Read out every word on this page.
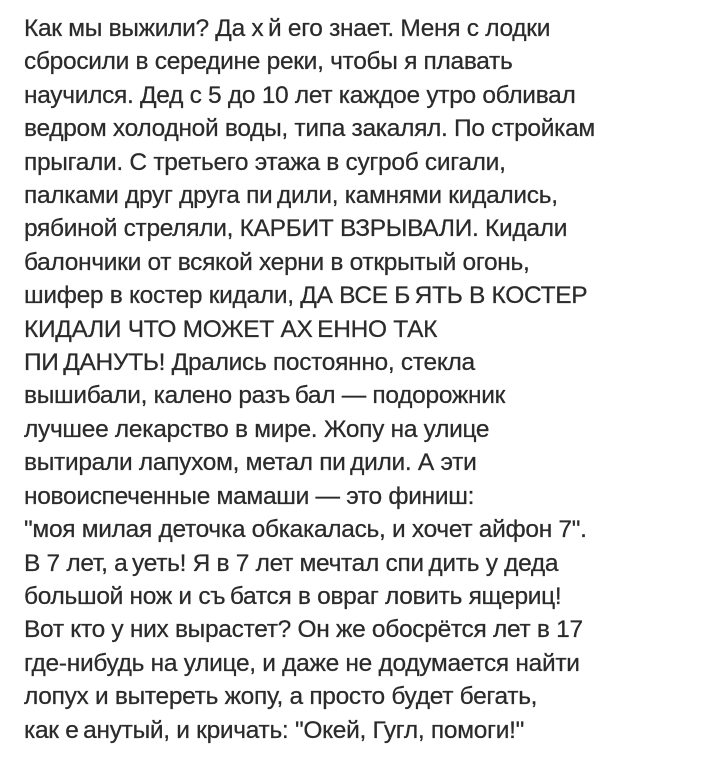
Как мы выжили? Да х й его знает. Меня с лодки
сбросили в середине реки, чтобы я плавать
научился. Дед с 5 до 10 лет каждое утро обливал
ведром холодной воды, типа закалял. По стройкам
прыгали. С третьего этажа в сугроб сигали,
палками друг друга пи дили, камнями кидались,
рябиной стреляли, КАРБИТ ВЗРЫВАЛИ. Кидали
балончики от всякой херни в открытый огонь,
шифер в костер кидали, ДА ВСЕ Б ЯТЬ В КОСТЕР
КИДАЛИ ЧТО МОЖЕТ АХ ЕННО ТАК
ПИ ДАНУТЬ! Дрались постоянно, стекла
вышибали, калено разъ бал — подорожник
лучшее лекарство в мире. Жопу на улице
вытирали лапухом, метал пи дили. А эти
новоиспеченные мамаши — это финиш:
"моя милая деточка обкакалась, и хочет айфон 7".
В 7 лет, а уеть! Я в 7 лет мечтал спи дить у деда
большой нож и съ батся в овраг ловить ящериц!
Вот кто у них вырастет? Он же обосрётся лет в 17
где-нибудь на улице, и даже не додумается найти
лопух и вытереть жопу, а просто будет бегать,
как е анутый, и кричать: "Окей, Гугл, помоги!"
